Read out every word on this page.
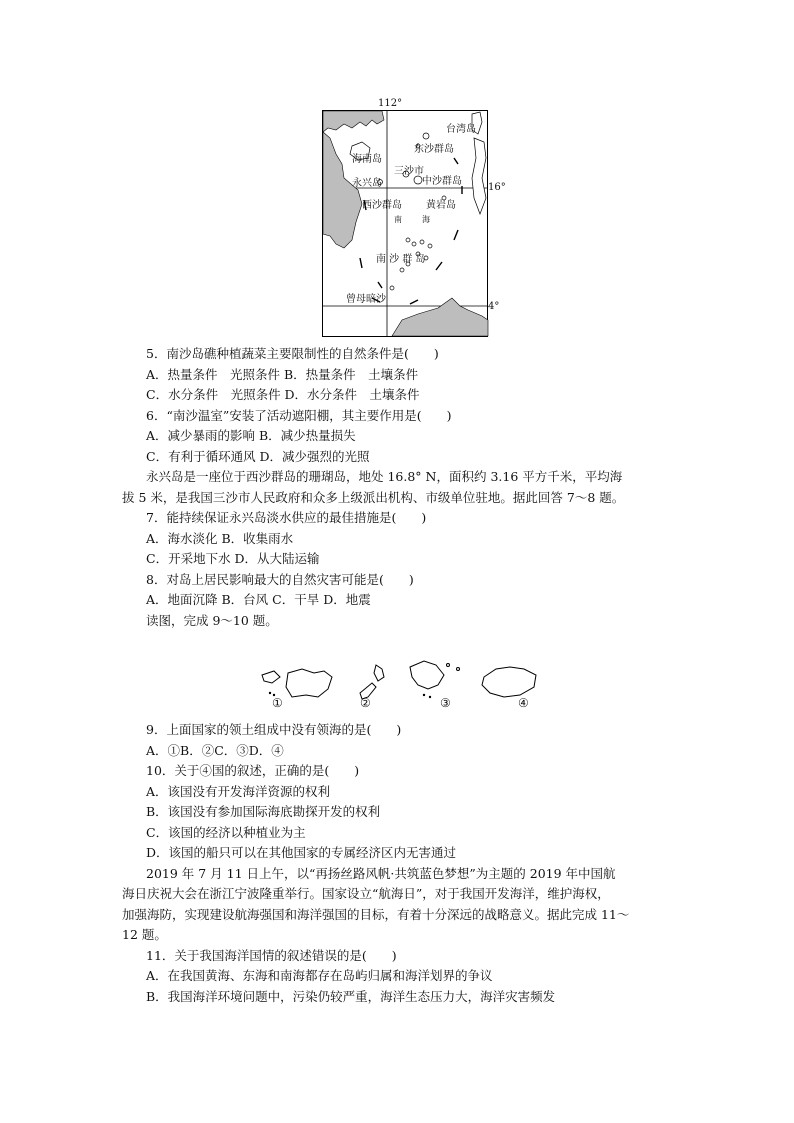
112°
16°
4°
台湾岛
海南岛
东沙群岛
三沙市
永兴岛	中沙群岛
西沙群岛 黄岩岛
南	海
南 沙 群 岛
曾母暗沙
5．南沙岛礁种植蔬菜主要限制性的自然条件是(　　)
A．热量条件　光照条件 B．热量条件　土壤条件
C．水分条件　光照条件 D．水分条件　土壤条件
6．“南沙温室”安装了活动遮阳棚，其主要作用是(　　)
A．减少暴雨的影响 B．减少热量损失
C．有利于循环通风 D．减少强烈的光照
永兴岛是一座位于西沙群岛的珊瑚岛，地处 16.8° N，面积约 3.16 平方千米，平均海
拔 5 米，是我国三沙市人民政府和众多上级派出机构、市级单位驻地。据此回答 7～8 题。
7．能持续保证永兴岛淡水供应的最佳措施是(　　)
A．海水淡化 B．收集雨水
C．开采地下水 D．从大陆运输
8．对岛上居民影响最大的自然灾害可能是(　　)
A．地面沉降 B．台风 C．干旱 D．地震
读图，完成 9～10 题。
①	②	③	④
9．上面国家的领土组成中没有领海的是(　　)
A．①B．②C．③D．④
10．关于④国的叙述，正确的是(　　)
A．该国没有开发海洋资源的权利
B．该国没有参加国际海底勘探开发的权利
C．该国的经济以种植业为主
D．该国的船只可以在其他国家的专属经济区内无害通过
2019 年 7 月 11 日上午，以“再扬丝路风帆·共筑蓝色梦想”为主题的 2019 年中国航
海日庆祝大会在浙江宁波隆重举行。国家设立“航海日”，对于我国开发海洋，维护海权，
加强海防，实现建设航海强国和海洋强国的目标，有着十分深远的战略意义。据此完成 11～
12 题。
11．关于我国海洋国情的叙述错误的是(　　)
A．在我国黄海、东海和南海都存在岛屿归属和海洋划界的争议
B．我国海洋环境问题中，污染仍较严重，海洋生态压力大，海洋灾害频发
